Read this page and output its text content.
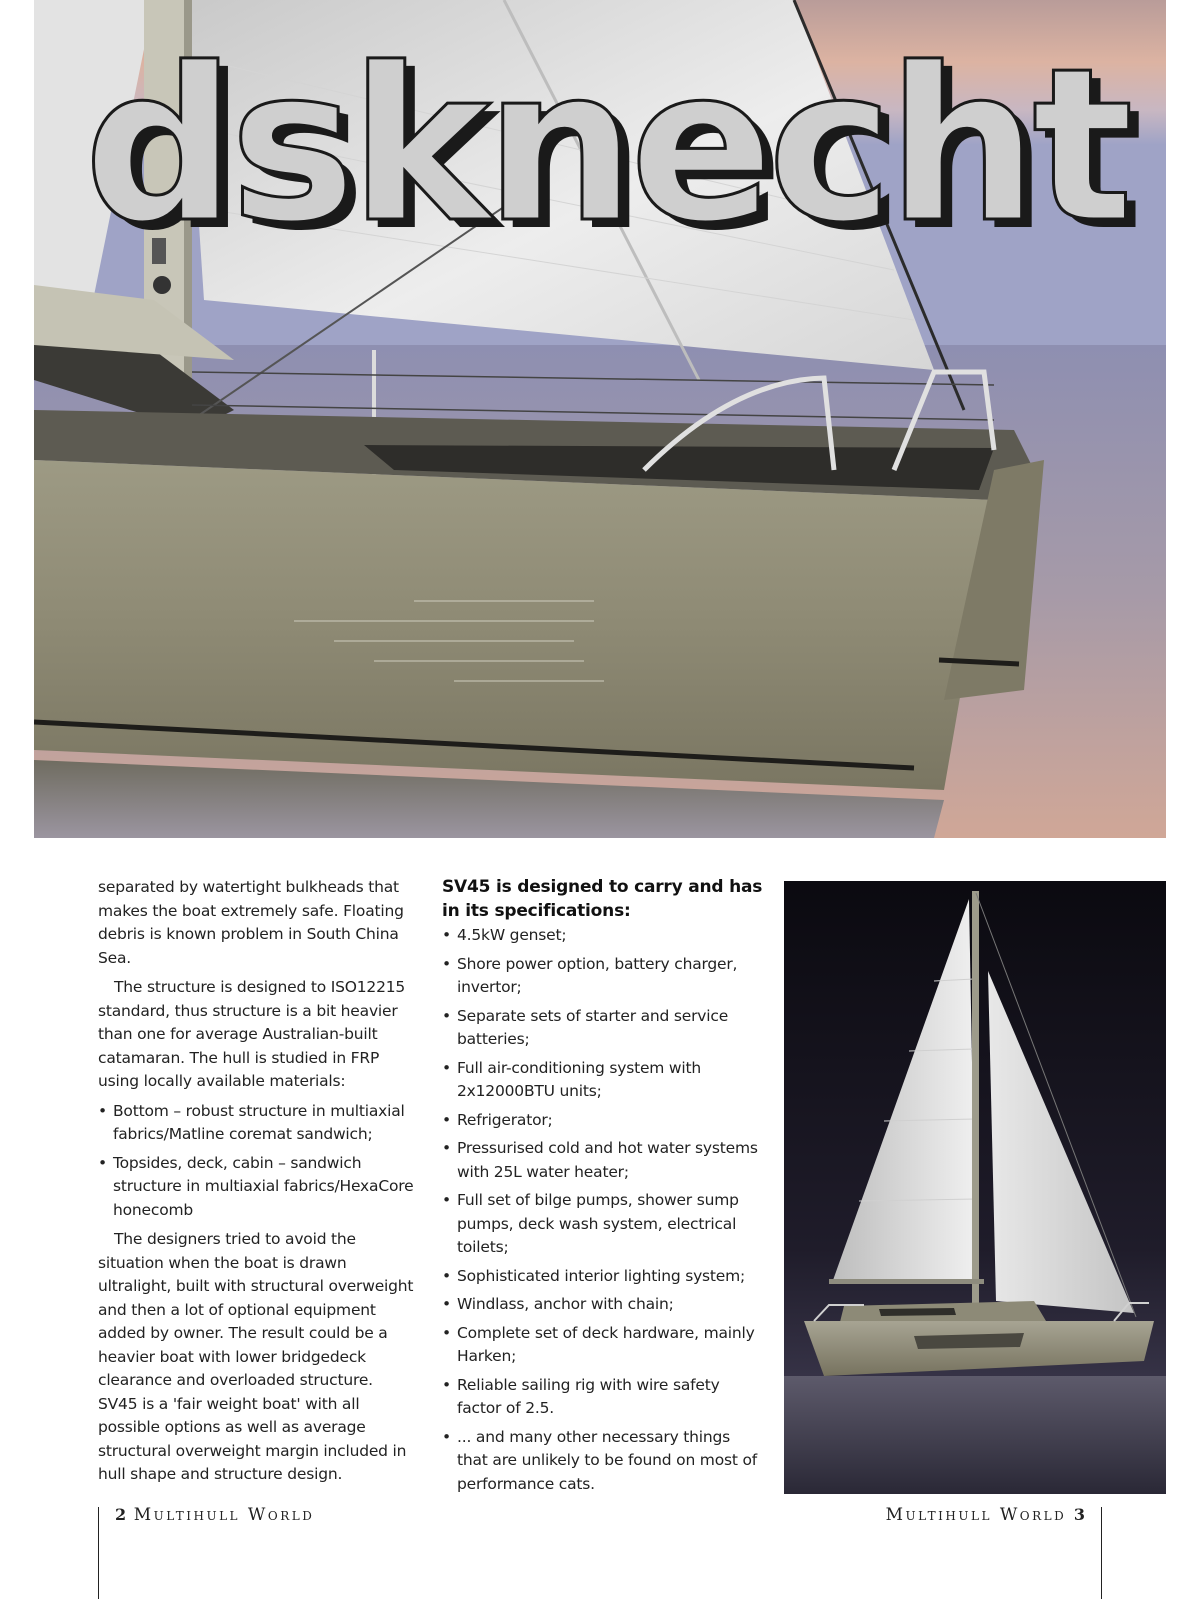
dsknecht

separated by watertight bulkheads that makes the boat extremely safe. Floating debris is known problem in South China Sea.

The structure is designed to ISO12215 standard, thus structure is a bit heavier than one for average Australian-built catamaran. The hull is studied in FRP using locally available materials:

• Bottom – robust structure in multiaxial fabrics/Matline coremat sandwich;
• Topsides, deck, cabin – sandwich structure in multiaxial fabrics/HexaCore honecomb

The designers tried to avoid the situation when the boat is drawn ultralight, built with structural overweight and then a lot of optional equipment added by owner. The result could be a heavier boat with lower bridgedeck clearance and overloaded structure. SV45 is a 'fair weight boat' with all possible options as well as average structural overweight margin included in hull shape and structure design.

SV45 is designed to carry and has in its specifications:
• 4.5kW genset;
• Shore power option, battery charger, invertor;
• Separate sets of starter and service batteries;
• Full air-conditioning system with 2x12000BTU units;
• Refrigerator;
• Pressurised cold and hot water systems with 25L water heater;
• Full set of bilge pumps, shower sump pumps, deck wash system, electrical toilets;
• Sophisticated interior lighting system;
• Windlass, anchor with chain;
• Complete set of deck hardware, mainly Harken;
• Reliable sailing rig with wire safety factor of 2.5.
• ... and many other necessary things that are unlikely to be found on most of performance cats.
2 Multihull World	Multihull World 3
